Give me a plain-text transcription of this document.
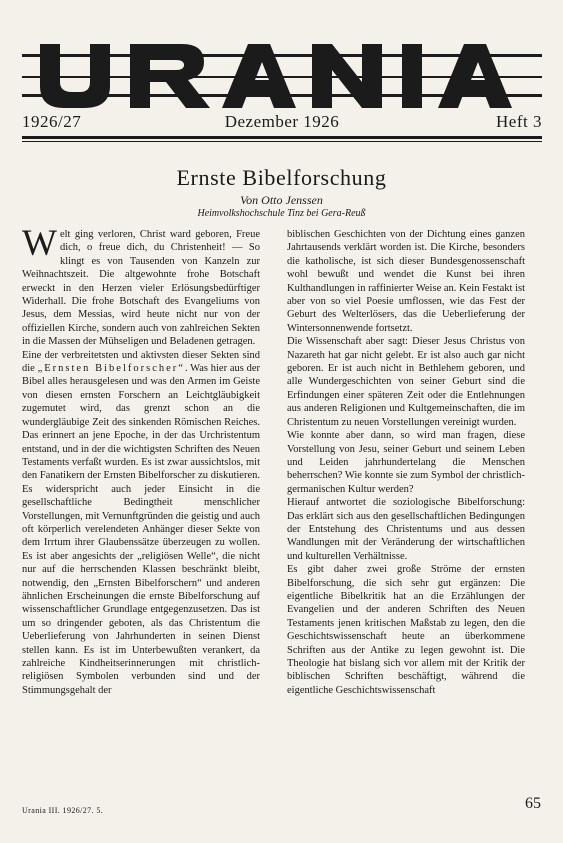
1926/27	Dezember 1926	Heft 3
Ernste Bibelforschung
Von Otto Jenssen
Heimvolkshochschule Tinz bei Gera-Reuß

Welt ging verloren, Christ ward geboren, Freue dich, o freue dich, du Christenheit! — So klingt es von Tausenden von Kanzeln zur Weihnachtszeit. Die altgewohnte frohe Botschaft erweckt in den Herzen vieler Erlösungsbedürftiger Widerhall. Die frohe Botschaft des Evangeliums von Jesus, dem Messias, wird heute nicht nur von der offiziellen Kirche, sondern auch von zahlreichen Sekten in die Massen der Mühseligen und Beladenen getragen.

Eine der verbreitetsten und aktivsten dieser Sekten sind die „Ernsten Bibelforscher“. Was hier aus der Bibel alles herausgelesen und was den Armen im Geiste von diesen ernsten Forschern an Leichtgläubigkeit zugemutet wird, das grenzt schon an die wundergläubige Zeit des sinkenden Römischen Reiches. Das erinnert an jene Epoche, in der das Urchristentum entstand, und in der die wichtigsten Schriften des Neuen Testaments verfaßt wurden. Es ist zwar aussichtslos, mit den Fanatikern der Ernsten Bibelforscher zu diskutieren. Es widerspricht auch jeder Einsicht in die gesellschaftliche Bedingtheit menschlicher Vorstellungen, mit Vernunftgründen die geistig und auch oft körperlich verelendeten Anhänger dieser Sekte von dem Irrtum ihrer Glaubenssätze überzeugen zu wollen. Es ist aber angesichts der „religiösen Welle“, die nicht nur auf die herrschenden Klassen beschränkt bleibt, notwendig, den „Ernsten Bibelforschern“ und anderen ähnlichen Erscheinungen die ernste Bibelforschung auf wissenschaftlicher Grundlage entgegenzusetzen. Das ist um so dringender geboten, als das Christentum die Ueberlieferung von Jahrhunderten in seinen Dienst stellen kann. Es ist im Unterbewußten verankert, da zahlreiche Kindheitserinnerungen mit christlich-religiösen Symbolen verbunden sind und der Stimmungsgehalt der

biblischen Geschichten von der Dichtung eines ganzen Jahrtausends verklärt worden ist. Die Kirche, besonders die katholische, ist sich dieser Bundesgenossenschaft wohl bewußt und wendet die Kunst bei ihren Kulthandlungen in raffinierter Weise an. Kein Festakt ist aber von so viel Poesie umflossen, wie das Fest der Geburt des Welterlösers, das die Ueberlieferung der Wintersonnenwende fortsetzt.

Die Wissenschaft aber sagt: Dieser Jesus Christus von Nazareth hat gar nicht gelebt. Er ist also auch gar nicht geboren. Er ist auch nicht in Bethlehem geboren, und alle Wundergeschichten von seiner Geburt sind die Erfindungen einer späteren Zeit oder die Entlehnungen aus anderen Religionen und Kultgemeinschaften, die im Christentum zu neuen Vorstellungen vereinigt wurden.

Wie konnte aber dann, so wird man fragen, diese Vorstellung von Jesu, seiner Geburt und seinem Leben und Leiden jahrhundertelang die Menschen beherrschen? Wie konnte sie zum Symbol der christlich-germanischen Kultur werden?

Hierauf antwortet die soziologische Bibelforschung: Das erklärt sich aus den gesellschaftlichen Bedingungen der Entstehung des Christentums und aus dessen Wandlungen mit der Veränderung der wirtschaftlichen und kulturellen Verhältnisse.

Es gibt daher zwei große Ströme der ernsten Bibelforschung, die sich sehr gut ergänzen: Die eigentliche Bibelkritik hat an die Erzählungen der Evangelien und der anderen Schriften des Neuen Testaments jenen kritischen Maßstab zu legen, den die Geschichtswissenschaft heute an überkommene Schriften aus der Antike zu legen gewohnt ist. Die Theologie hat bislang sich vor allem mit der Kritik der biblischen Schriften beschäftigt, während die eigentliche Geschichtswissenschaft

Urania III. 1926/27. 5.	65
